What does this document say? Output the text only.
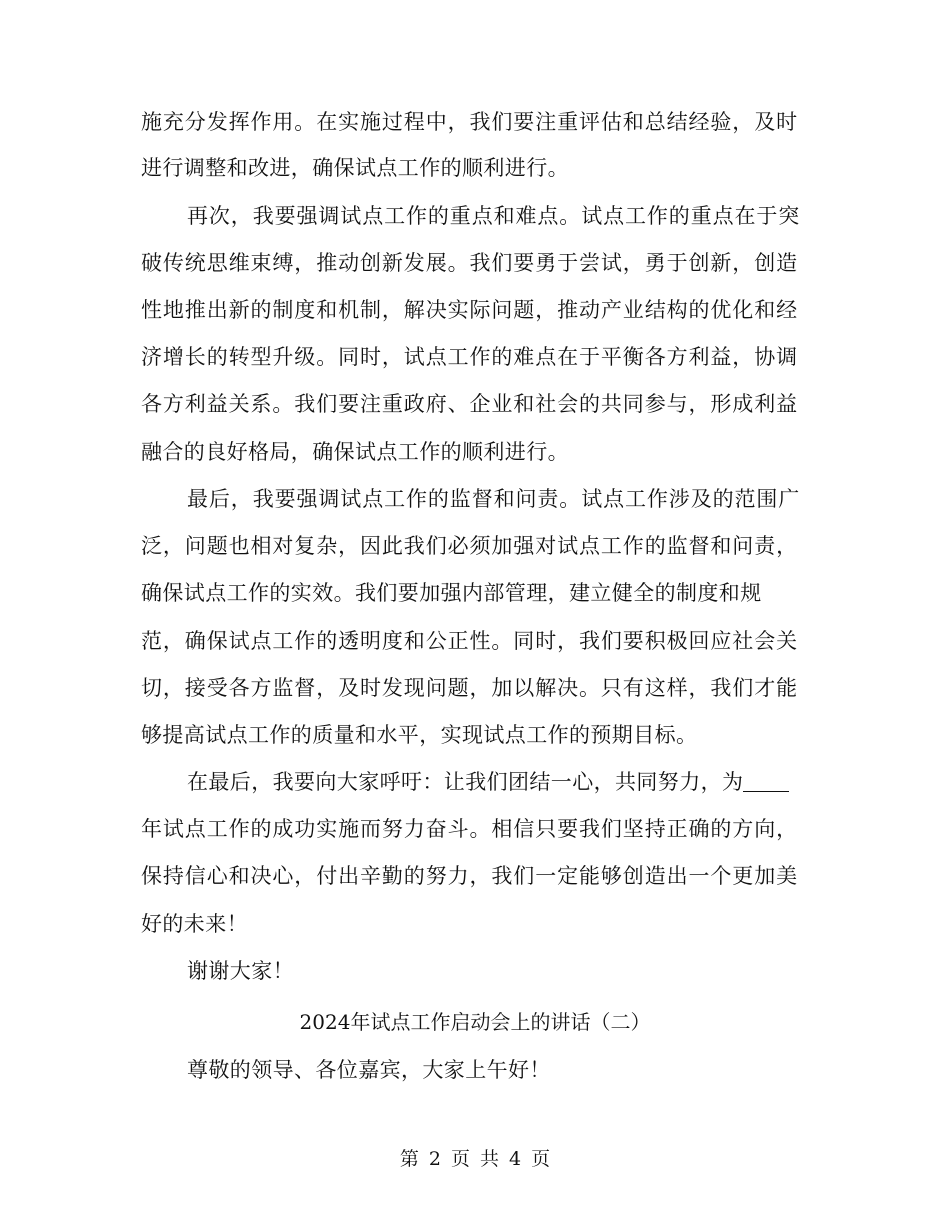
施充分发挥作用。在实施过程中，我们要注重评估和总结经验，及时
进行调整和改进，确保试点工作的顺利进行。
再次，我要强调试点工作的重点和难点。试点工作的重点在于突
破传统思维束缚，推动创新发展。我们要勇于尝试，勇于创新，创造
性地推出新的制度和机制，解决实际问题，推动产业结构的优化和经
济增长的转型升级。同时，试点工作的难点在于平衡各方利益，协调
各方利益关系。我们要注重政府、企业和社会的共同参与，形成利益
融合的良好格局，确保试点工作的顺利进行。
最后，我要强调试点工作的监督和问责。试点工作涉及的范围广
泛，问题也相对复杂，因此我们必须加强对试点工作的监督和问责，
确保试点工作的实效。我们要加强内部管理，建立健全的制度和规
范，确保试点工作的透明度和公正性。同时，我们要积极回应社会关
切，接受各方监督，及时发现问题，加以解决。只有这样，我们才能
够提高试点工作的质量和水平，实现试点工作的预期目标。
在最后，我要向大家呼吁：让我们团结一心，共同努力，为
年试点工作的成功实施而努力奋斗。相信只要我们坚持正确的方向，
保持信心和决心，付出辛勤的努力，我们一定能够创造出一个更加美
好的未来！
谢谢大家！
2024年试点工作启动会上的讲话（二）
尊敬的领导、各位嘉宾，大家上午好！
第 2 页 共 4 页
